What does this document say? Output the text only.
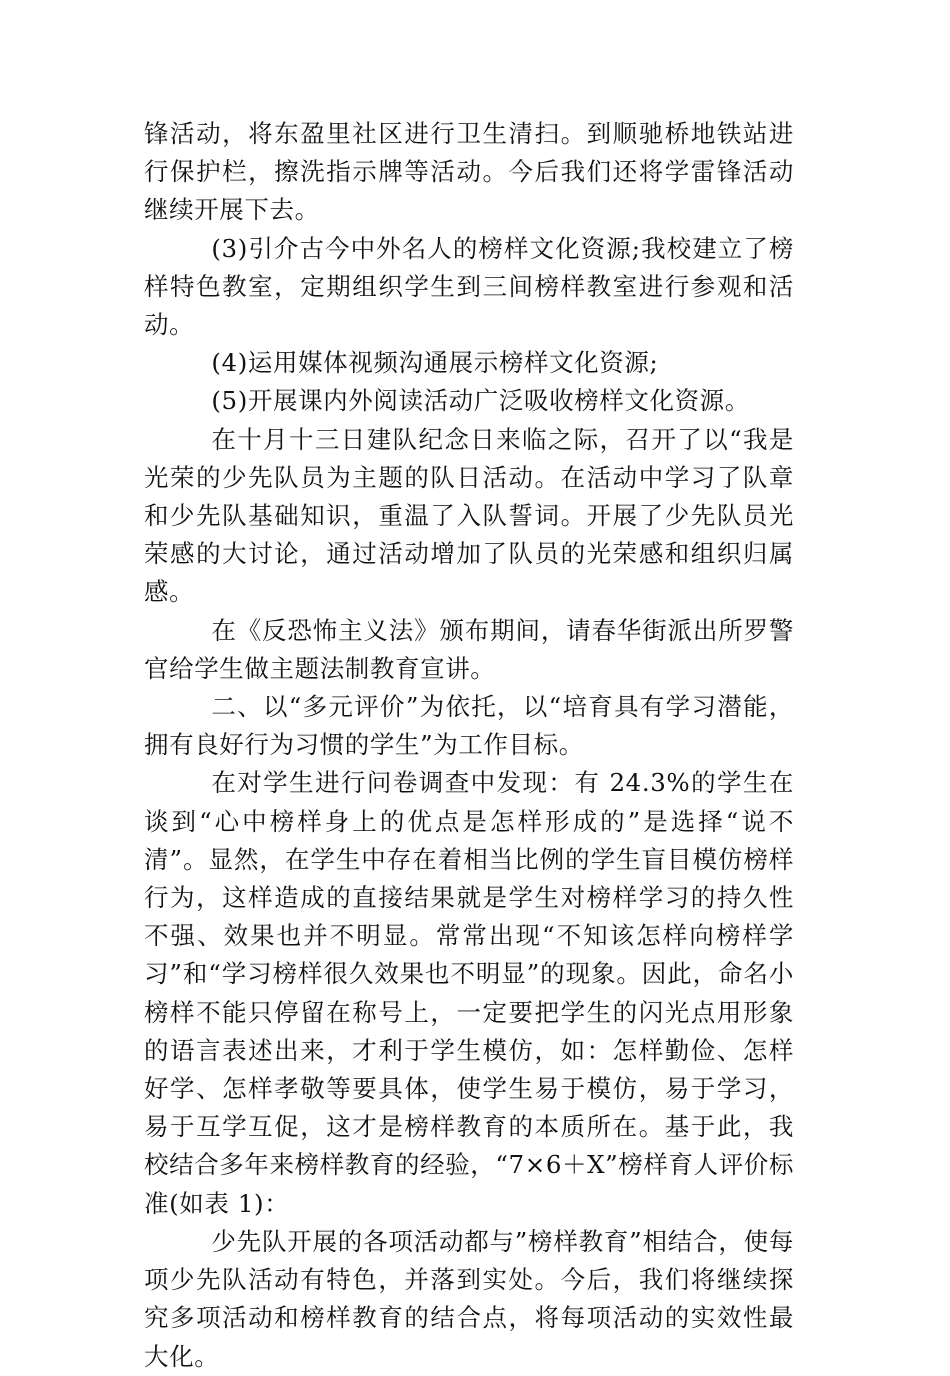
锋活动，将东盈里社区进行卫生清扫。到顺驰桥地铁站进行保护栏，擦洗指示牌等活动。今后我们还将学雷锋活动继续开展下去。

(3)引介古今中外名人的榜样文化资源;我校建立了榜样特色教室，定期组织学生到三间榜样教室进行参观和活动。

(4)运用媒体视频沟通展示榜样文化资源;

(5)开展课内外阅读活动广泛吸收榜样文化资源。

在十月十三日建队纪念日来临之际，召开了以“我是光荣的少先队员为主题的队日活动。在活动中学习了队章和少先队基础知识，重温了入队誓词。开展了少先队员光荣感的大讨论，通过活动增加了队员的光荣感和组织归属感。

在《反恐怖主义法》颁布期间，请春华街派出所罗警官给学生做主题法制教育宣讲。

二、以“多元评价”为依托，以“培育具有学习潜能，拥有良好行为习惯的学生”为工作目标。

在对学生进行问卷调查中发现：有 24.3%的学生在谈到“心中榜样身上的优点是怎样形成的”是选择“说不清”。显然，在学生中存在着相当比例的学生盲目模仿榜样行为，这样造成的直接结果就是学生对榜样学习的持久性不强、效果也并不明显。常常出现“不知该怎样向榜样学习”和“学习榜样很久效果也不明显”的现象。因此，命名小榜样不能只停留在称号上，一定要把学生的闪光点用形象的语言表述出来，才利于学生模仿，如：怎样勤俭、怎样好学、怎样孝敬等要具体，使学生易于模仿，易于学习，易于互学互促，这才是榜样教育的本质所在。基于此，我校结合多年来榜样教育的经验，“7×6＋X”榜样育人评价标准(如表 1)：

少先队开展的各项活动都与”榜样教育”相结合，使每项少先队活动有特色，并落到实处。今后，我们将继续探究多项活动和榜样教育的结合点，将每项活动的实效性最大化。
